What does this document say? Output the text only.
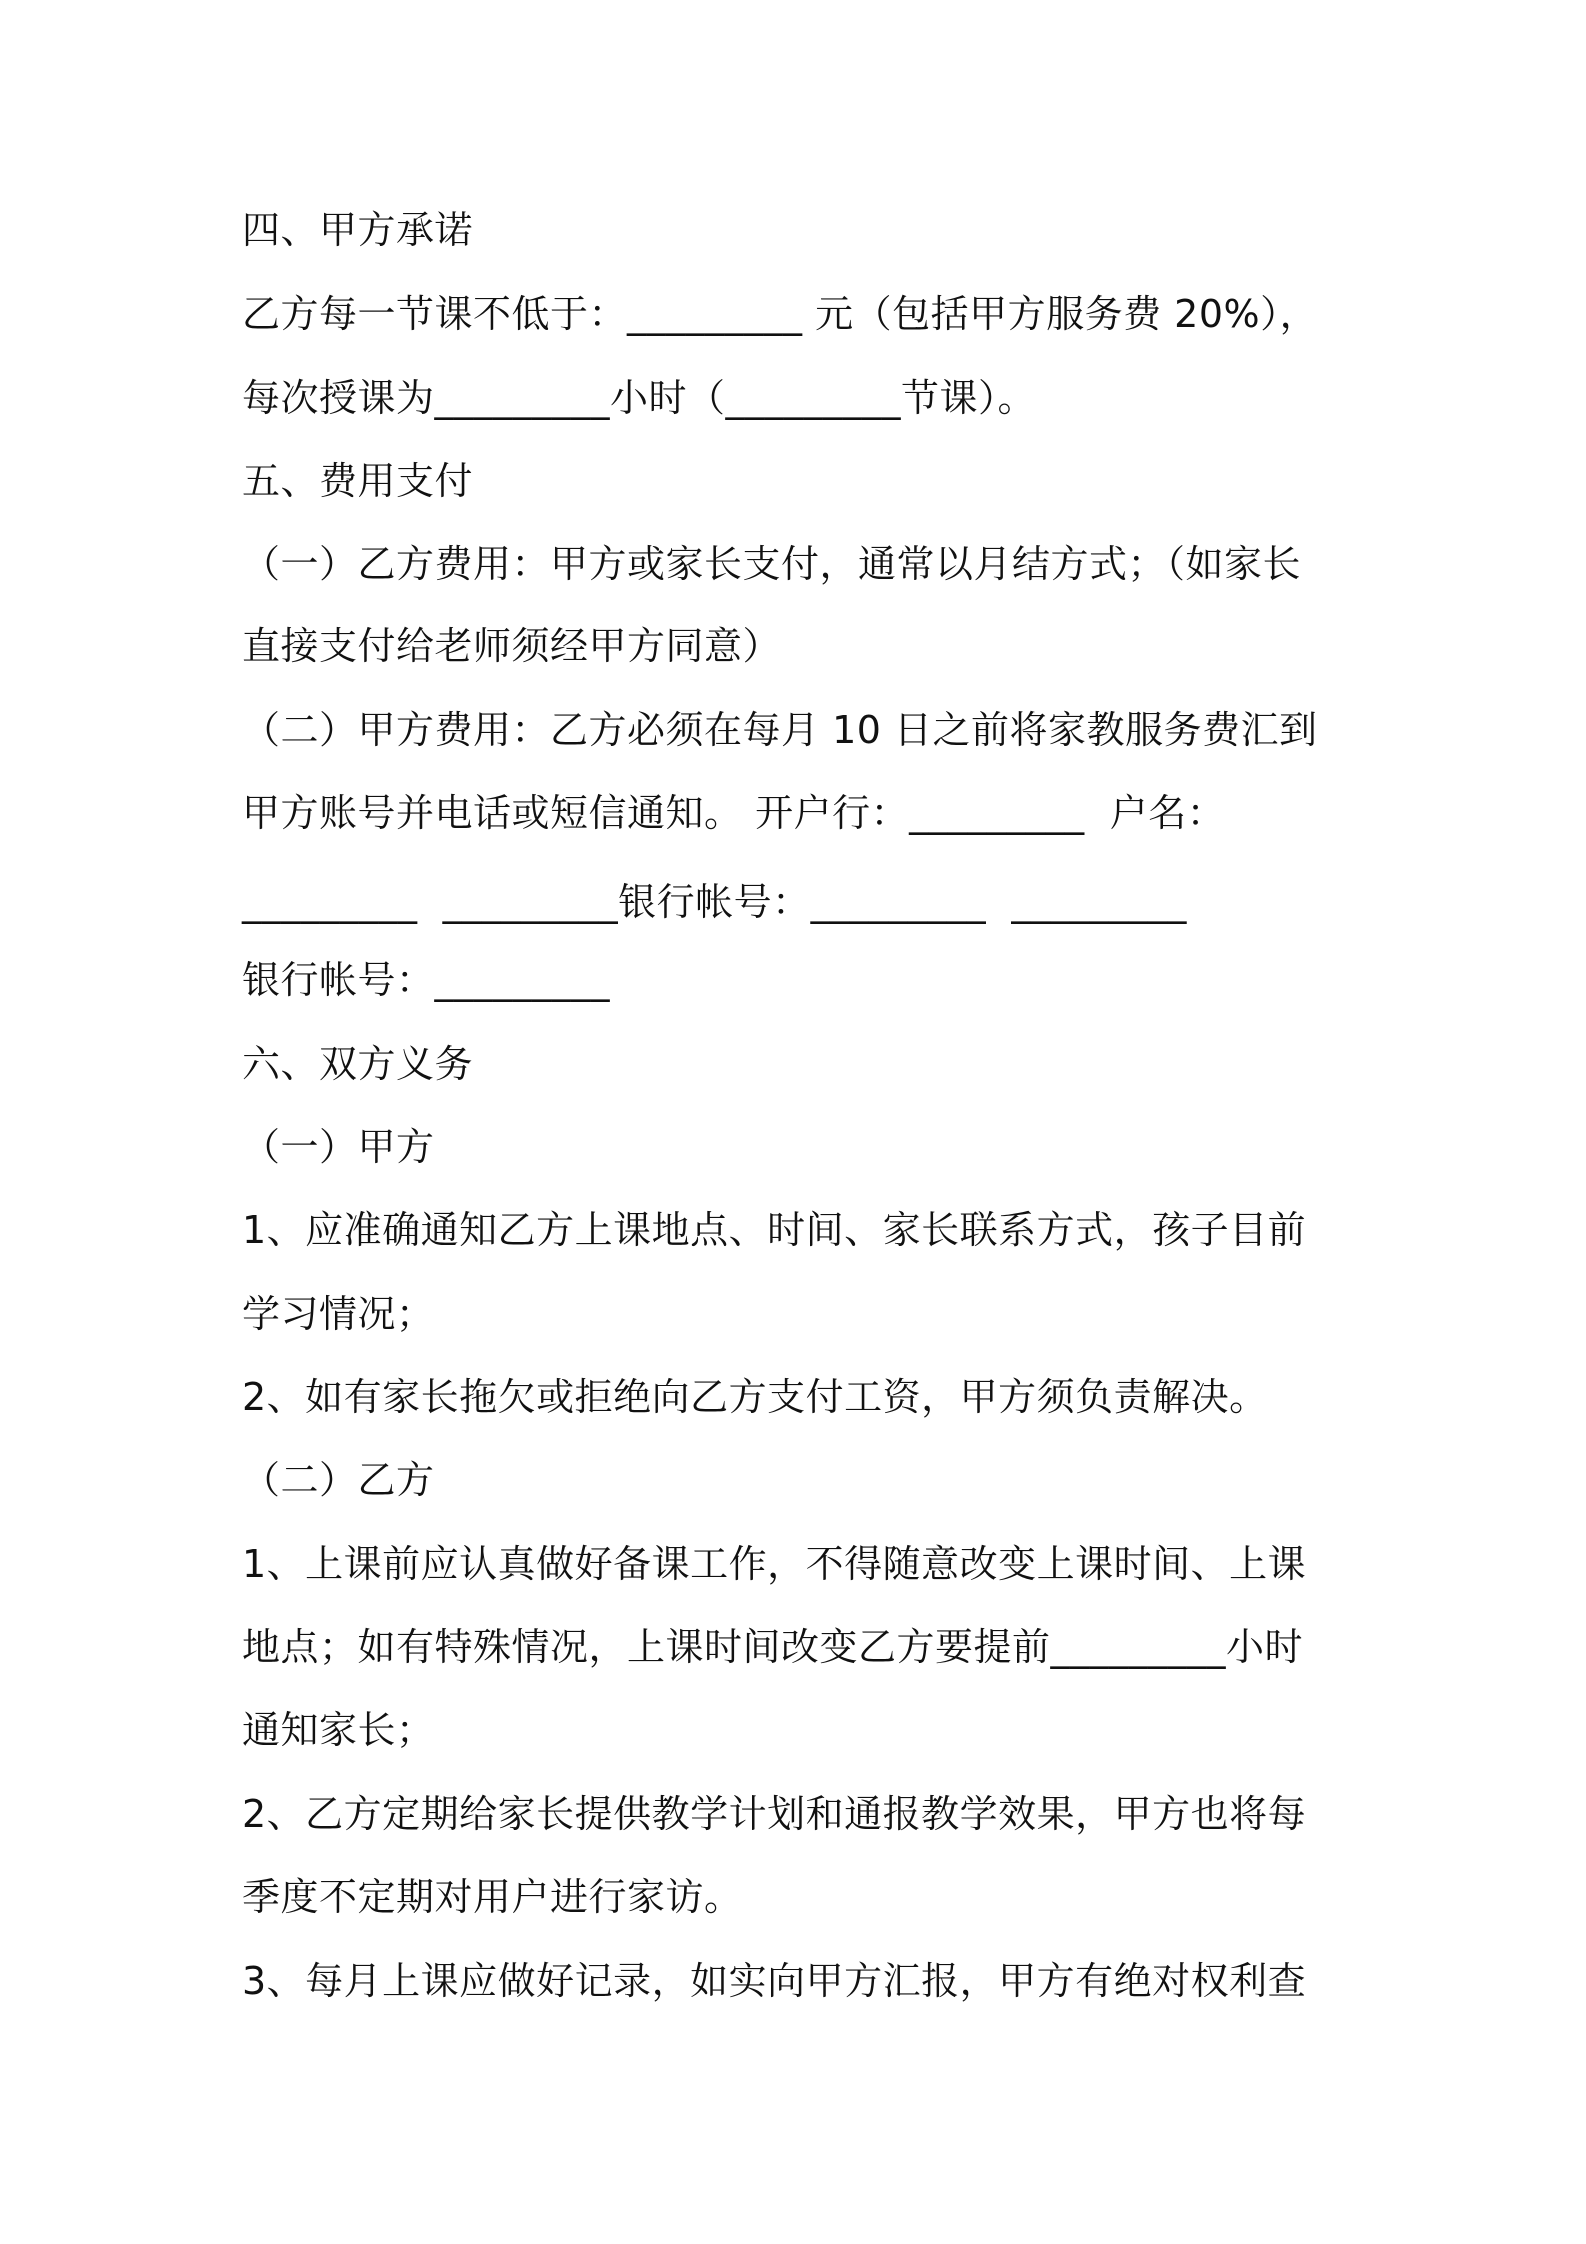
四、甲方承诺
乙方每一节课不低于：_________ 元（包括甲方服务费 20%），
每次授课为_________小时（_________节课）。
五、费用支付
（一）乙方费用：甲方或家长支付，通常以月结方式；（如家长
直接支付给老师须经甲方同意）
（二）甲方费用：乙方必须在每月 10 日之前将家教服务费汇到
甲方账号并电话或短信通知。 开户行：_________  户名：
_________  _________银行帐号：_________  _________
银行帐号：_________
六、双方义务
（一）甲方
1、应准确通知乙方上课地点、时间、家长联系方式，孩子目前
学习情况；
2、如有家长拖欠或拒绝向乙方支付工资，甲方须负责解决。
（二）乙方
1、上课前应认真做好备课工作，不得随意改变上课时间、上课
地点；如有特殊情况，上课时间改变乙方要提前_________小时
通知家长；
2、乙方定期给家长提供教学计划和通报教学效果，甲方也将每
季度不定期对用户进行家访。
3、每月上课应做好记录，如实向甲方汇报，甲方有绝对权利查
